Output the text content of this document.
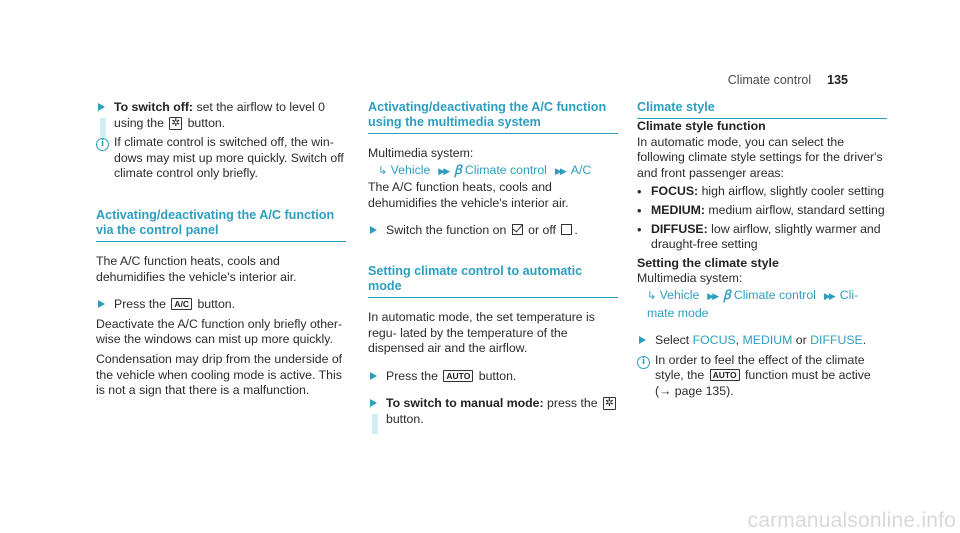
Climate control 135

To switch off: set the airflow to level 0 using the ✲ button.

i If climate control is switched off, the win- dows may mist up more quickly. Switch off climate control only briefly.

Activating/deactivating the A/C function via the control panel

The A/C function heats, cools and dehumidifies the vehicle's interior air.

Press the A/C button.

Deactivate the A/C function only briefly other- wise the windows can mist up more quickly.

Condensation may drip from the underside of the vehicle when cooling mode is active. This is not a sign that there is a malfunction.

Activating/deactivating the A/C function using the multimedia system

Multimedia system:

↳ Vehicle ▶▶ ꞵ Climate control ▶▶ A/C

The A/C function heats, cools and dehumidifies the vehicle's interior air.

Switch the function on or off .

Setting climate control to automatic mode

In automatic mode, the set temperature is regu- lated by the temperature of the dispensed air and the airflow.

Press the AUTO button.

To switch to manual mode: press the ✲ button.

Climate style
Climate style function

In automatic mode, you can select the following climate style settings for the driver's and front passenger areas:

• FOCUS: high airflow, slightly cooler setting
• MEDIUM: medium airflow, standard setting
• DIFFUSE: low airflow, slightly warmer and draught-free setting
Setting the climate style

Multimedia system:

↳ Vehicle ▶▶ ꞵ Climate control ▶▶ Cli- mate mode

Select FOCUS, MEDIUM or DIFFUSE.

i In order to feel the effect of the climate style, the AUTO function must be active
(→ page 135).

carmanualsonline.info
